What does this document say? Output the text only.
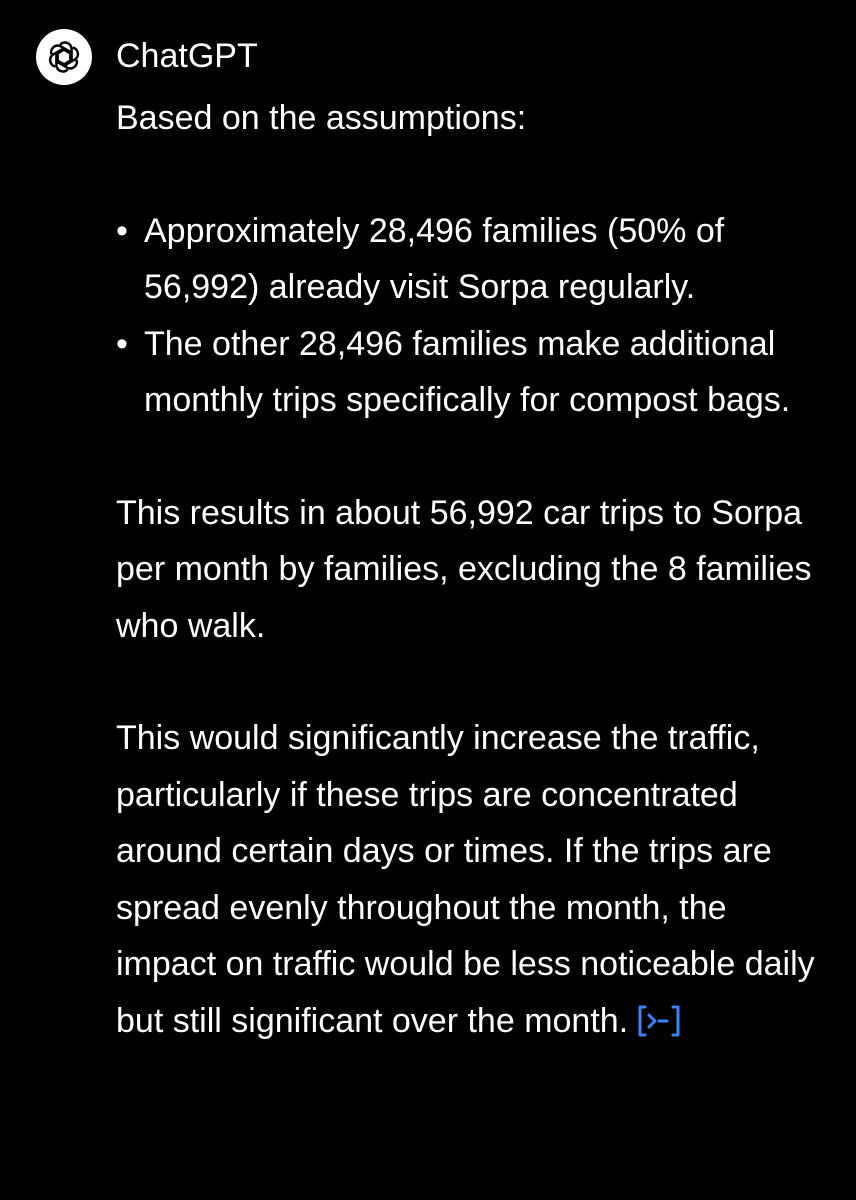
ChatGPT

Based on the assumptions:

• Approximately 28,496 families (50% of 56,992) already visit Sorpa regularly.
• The other 28,496 families make additional monthly trips specifically for compost bags.

This results in about 56,992 car trips to Sorpa per month by families, excluding the 8 families who walk.

This would significantly increase the traffic, particularly if these trips are concentrated around certain days or times. If the trips are spread evenly throughout the month, the impact on traffic would be less noticeable daily but still significant over the month.
